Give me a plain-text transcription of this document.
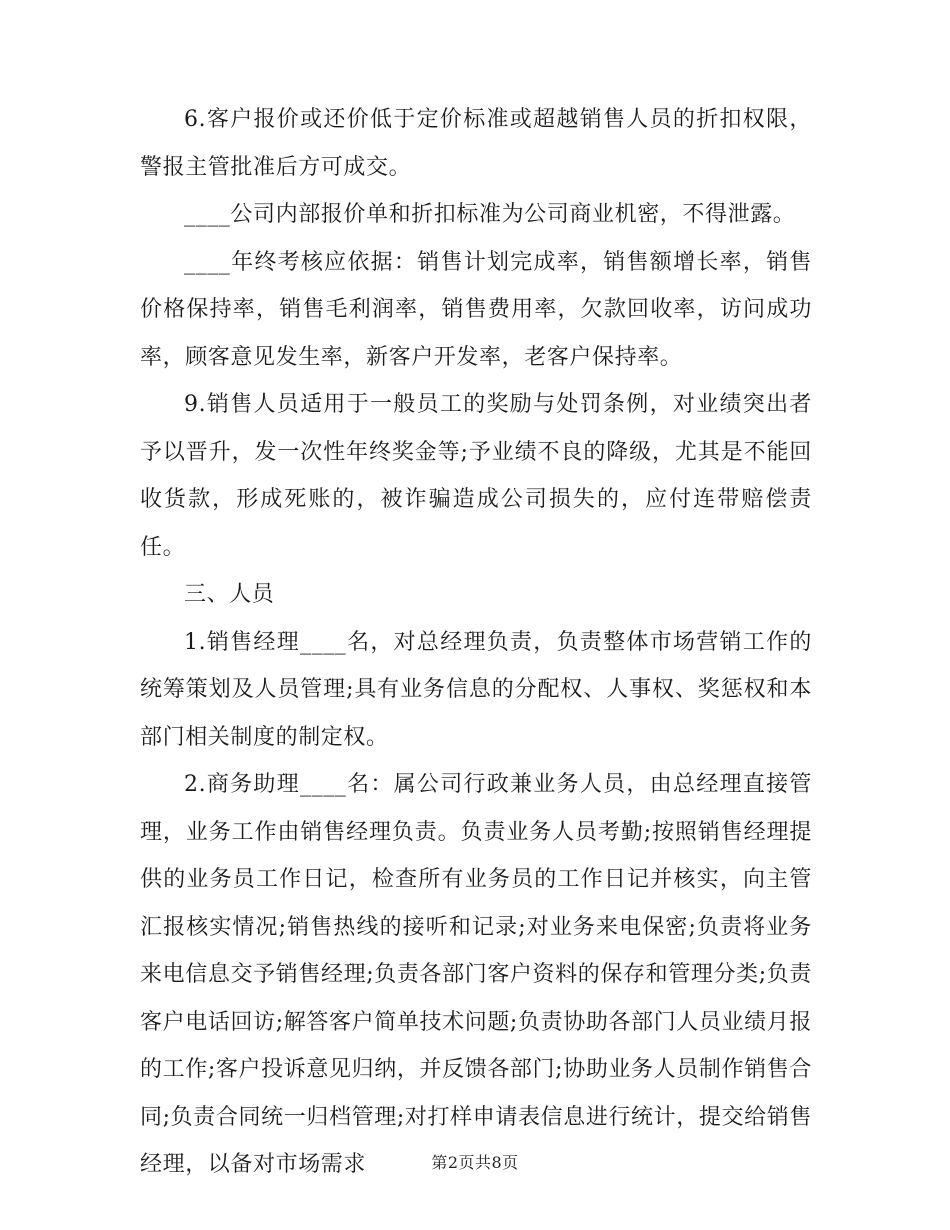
6.客户报价或还价低于定价标准或超越销售人员的折扣权限，警报主管批准后方可成交。

____公司内部报价单和折扣标准为公司商业机密，不得泄露。

____年终考核应依据：销售计划完成率，销售额增长率，销售价格保持率，销售毛利润率，销售费用率，欠款回收率，访问成功率，顾客意见发生率，新客户开发率，老客户保持率。

9.销售人员适用于一般员工的奖励与处罚条例，对业绩突出者予以晋升，发一次性年终奖金等;予业绩不良的降级，尤其是不能回收货款，形成死账的，被诈骗造成公司损失的，应付连带赔偿责任。

三、人员

1.销售经理____名，对总经理负责，负责整体市场营销工作的统筹策划及人员管理;具有业务信息的分配权、人事权、奖惩权和本部门相关制度的制定权。

2.商务助理____名：属公司行政兼业务人员，由总经理直接管理，业务工作由销售经理负责。负责业务人员考勤;按照销售经理提供的业务员工作日记，检查所有业务员的工作日记并核实，向主管汇报核实情况;销售热线的接听和记录;对业务来电保密;负责将业务来电信息交予销售经理;负责各部门客户资料的保存和管理分类;负责客户电话回访;解答客户简单技术问题;负责协助各部门人员业绩月报的工作;客户投诉意见归纳，并反馈各部门;协助业务人员制作销售合同;负责合同统一归档管理;对打样申请表信息进行统计，提交给销售经理，以备对市场需求	第2页共8页
